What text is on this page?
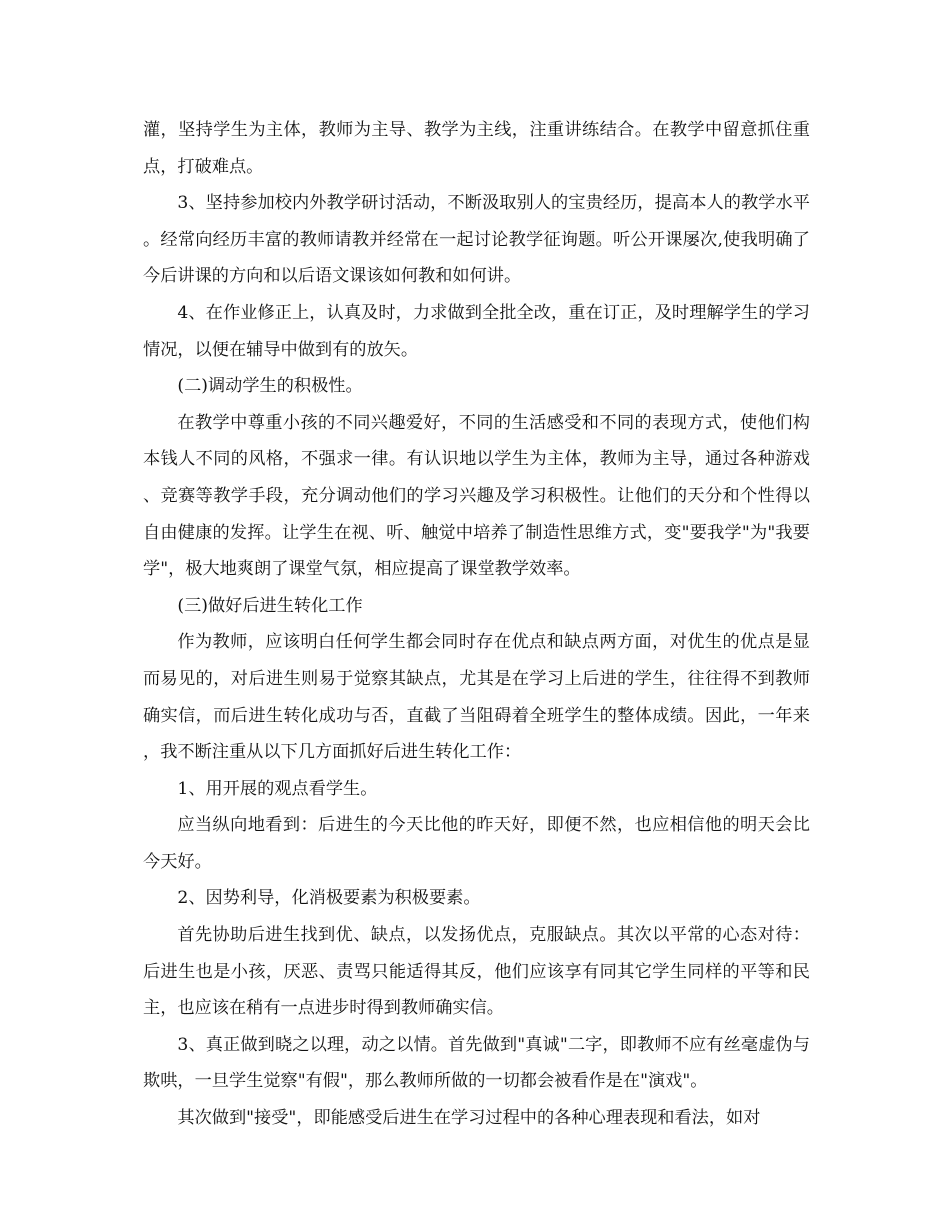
灌，坚持学生为主体，教师为主导、教学为主线，注重讲练结合。在教学中留意抓住重点，打破难点。

3、坚持参加校内外教学研讨活动，不断汲取别人的宝贵经历，提高本人的教学水平。经常向经历丰富的教师请教并经常在一起讨论教学征询题。听公开课屡次,使我明确了今后讲课的方向和以后语文课该如何教和如何讲。

4、在作业修正上，认真及时，力求做到全批全改，重在订正，及时理解学生的学习情况，以便在辅导中做到有的放矢。

(二)调动学生的积极性。

在教学中尊重小孩的不同兴趣爱好，不同的生活感受和不同的表现方式，使他们构本钱人不同的风格，不强求一律。有认识地以学生为主体，教师为主导，通过各种游戏、竞赛等教学手段，充分调动他们的学习兴趣及学习积极性。让他们的天分和个性得以自由健康的发挥。让学生在视、听、触觉中培养了制造性思维方式，变"要我学"为"我要学"，极大地爽朗了课堂气氛，相应提高了课堂教学效率。

(三)做好后进生转化工作

作为教师，应该明白任何学生都会同时存在优点和缺点两方面，对优生的优点是显而易见的，对后进生则易于觉察其缺点，尤其是在学习上后进的学生，往往得不到教师确实信，而后进生转化成功与否，直截了当阻碍着全班学生的整体成绩。因此，一年来，我不断注重从以下几方面抓好后进生转化工作：

1、用开展的观点看学生。

应当纵向地看到：后进生的今天比他的昨天好，即便不然，也应相信他的明天会比今天好。

2、因势利导，化消极要素为积极要素。

首先协助后进生找到优、缺点，以发扬优点，克服缺点。其次以平常的心态对待：后进生也是小孩，厌恶、责骂只能适得其反，他们应该享有同其它学生同样的平等和民主，也应该在稍有一点进步时得到教师确实信。

3、真正做到晓之以理，动之以情。首先做到"真诚"二字，即教师不应有丝毫虚伪与欺哄，一旦学生觉察"有假"，那么教师所做的一切都会被看作是在"演戏"。

其次做到"接受"，即能感受后进生在学习过程中的各种心理表现和看法，如对
